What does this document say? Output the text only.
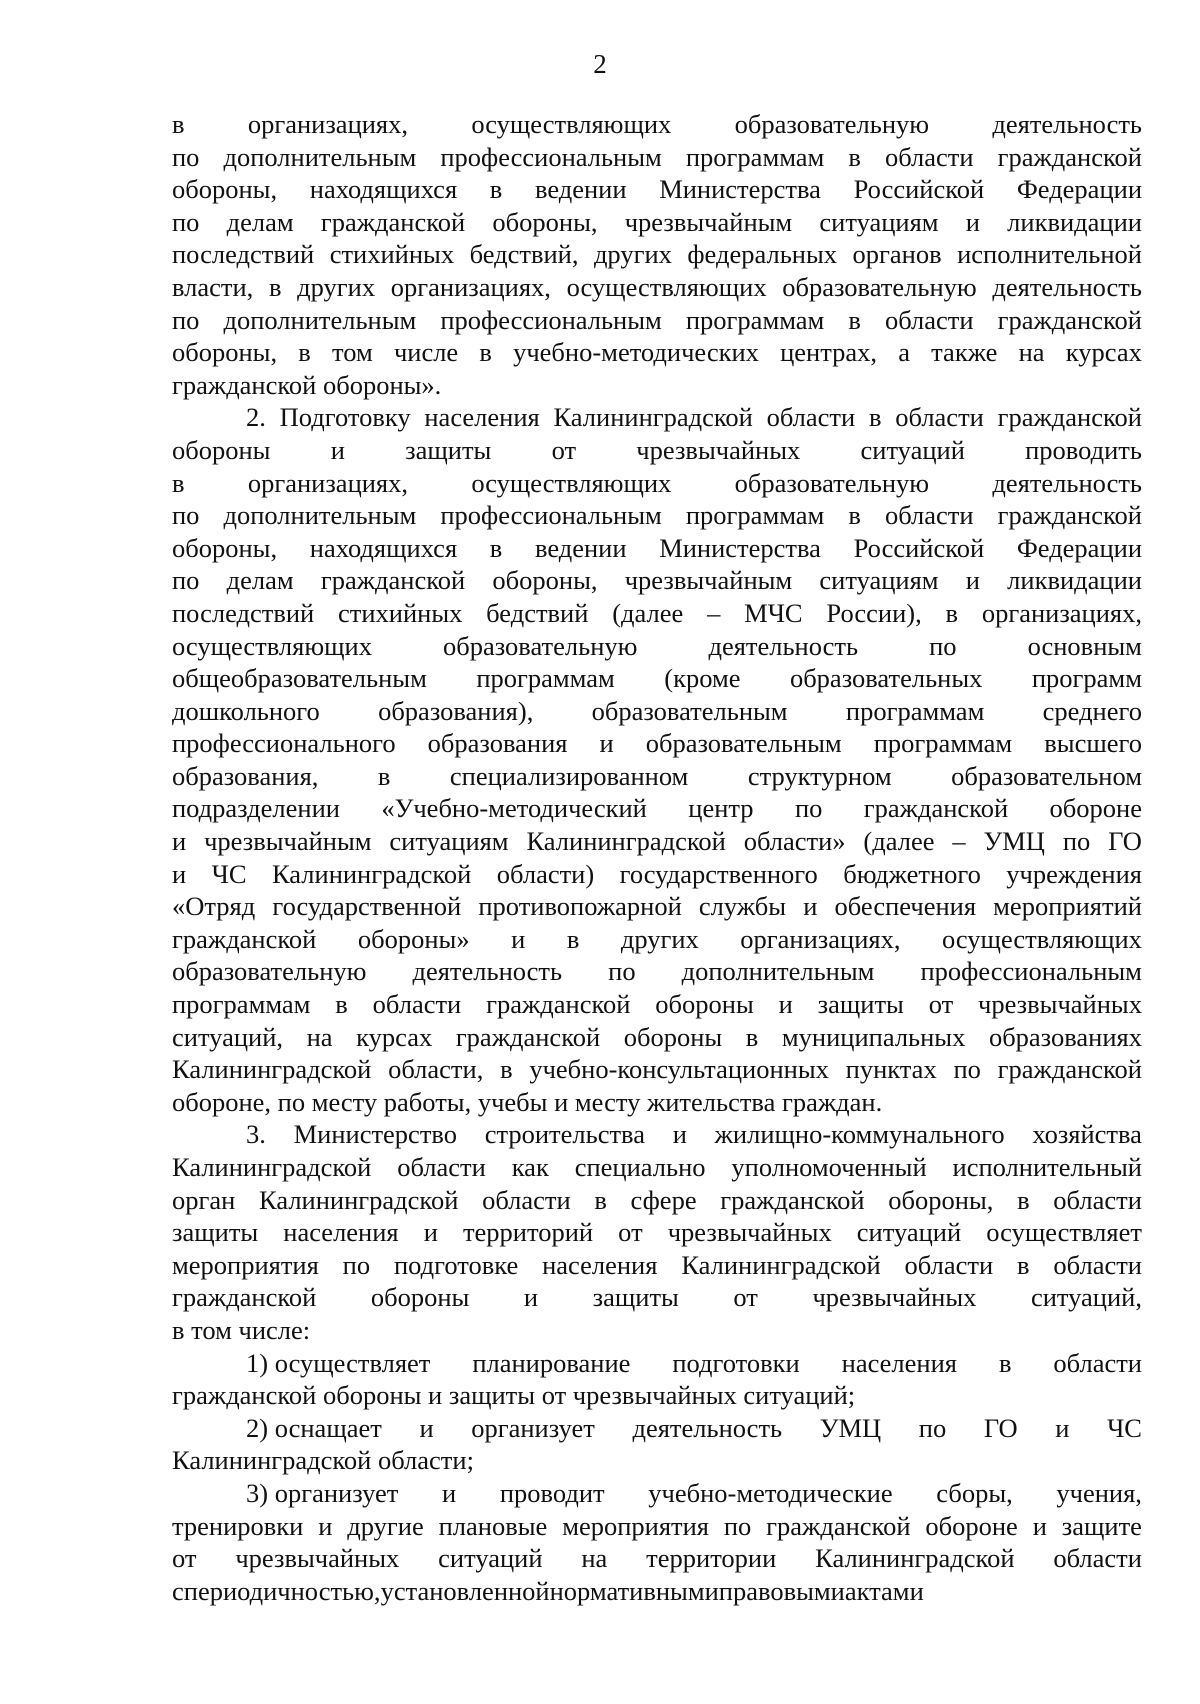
2
в организациях, осуществляющих образовательную деятельность
по дополнительным профессиональным программам в области гражданской
обороны, находящихся в ведении Министерства Российской Федерации
по делам гражданской обороны, чрезвычайным ситуациям и ликвидации
последствий стихийных бедствий, других федеральных органов исполнительной
власти, в других организациях, осуществляющих образовательную деятельность
по дополнительным профессиональным программам в области гражданской
обороны, в том числе в учебно-методических центрах, а также на курсах
гражданской обороны».
2. Подготовку населения Калининградской области в области гражданской
обороны и защиты от чрезвычайных ситуаций проводить
в организациях, осуществляющих образовательную деятельность
по дополнительным профессиональным программам в области гражданской
обороны, находящихся в ведении Министерства Российской Федерации
по делам гражданской обороны, чрезвычайным ситуациям и ликвидации
последствий стихийных бедствий (далее – МЧС России), в организациях,
осуществляющих	образовательную	деятельность	по	основным
общеобразовательным программам (кроме образовательных программ
дошкольного образования), образовательным программам среднего
профессионального образования и образовательным программам высшего
образования, в специализированном структурном образовательном
подразделении «Учебно-методический центр по гражданской обороне
и чрезвычайным ситуациям Калининградской области» (далее – УМЦ по ГО
и ЧС Калининградской области) государственного бюджетного учреждения
«Отряд государственной противопожарной службы и обеспечения мероприятий
гражданской обороны» и в других организациях, осуществляющих
образовательную деятельность по дополнительным профессиональным
программам в области гражданской обороны и защиты от чрезвычайных
ситуаций, на курсах гражданской обороны в муниципальных образованиях
Калининградской области, в учебно-консультационных пунктах по гражданской
обороне, по месту работы, учебы и месту жительства граждан.
3. Министерство строительства и жилищно-коммунального хозяйства
Калининградской области как специально уполномоченный исполнительный
орган Калининградской области в сфере гражданской обороны, в области
защиты населения и территорий от чрезвычайных ситуаций осуществляет
мероприятия по подготовке населения Калининградской области в области
гражданской обороны и защиты от чрезвычайных ситуаций,
в том числе:
1) осуществляет планирование подготовки населения в области
гражданской обороны и защиты от чрезвычайных ситуаций;
2) оснащает и организует деятельность УМЦ по ГО и ЧС
Калининградской области;
3) организует и проводит учебно-методические сборы, учения,
тренировки и другие плановые мероприятия по гражданской обороне и защите
от чрезвычайных ситуаций на территории Калининградской области
с периодичностью, установленной нормативными правовыми актами
